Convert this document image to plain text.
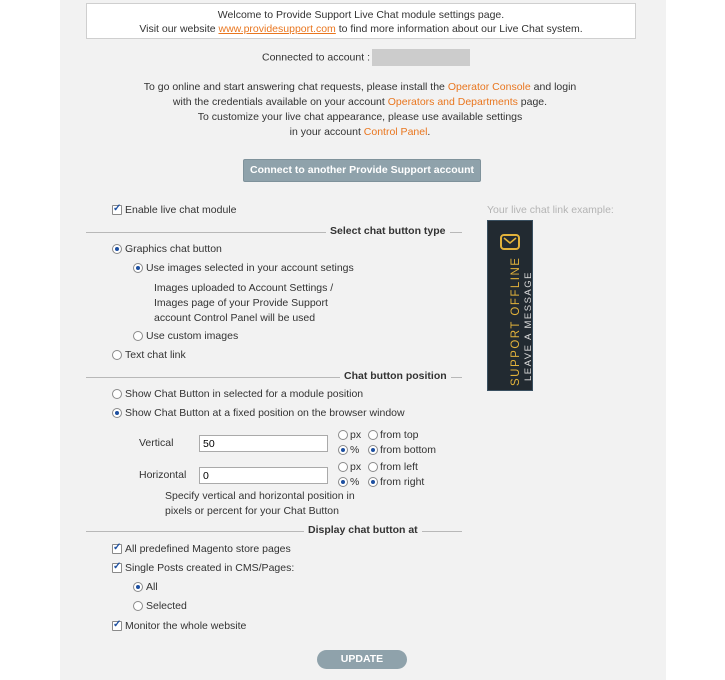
Welcome to Provide Support Live Chat module settings page.
Visit our website www.providesupport.com to find more information about our Live Chat system.
Connected to account :
To go online and start answering chat requests, please install the Operator Console and login
with the credentials available on your account Operators and Departments page.
To customize your live chat appearance, please use available settings
in your account Control Panel.
Connect to another Provide Support account
✓
Enable live chat module
Select chat button type
Graphics chat button
Use images selected in your account setings
Images uploaded to Account Settings /
Images page of your Provide Support
account Control Panel will be used
Use custom images
Text chat link
Chat button position
Show Chat Button in selected for a module position
Show Chat Button at a fixed position on the browser window
Vertical
50
px
%
from top
from bottom
Horizontal
0
px
%
from left
from right
Specify vertical and horizontal position in
pixels or percent for your Chat Button
Display chat button at
✓
All predefined Magento store pages
✓
Single Posts created in CMS/Pages:
All
Selected
✓
Monitor the whole website
Your live chat link example:
SUPPORT OFFLINE LEAVE A MESSAGE
UPDATE
